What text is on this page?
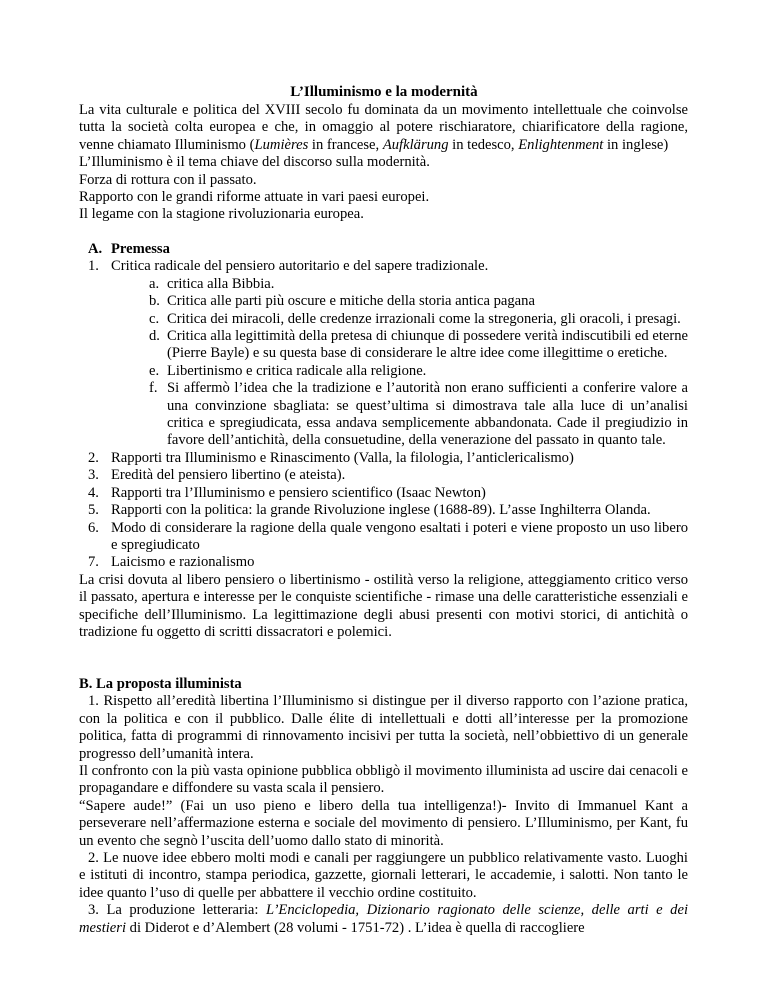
L’Illuminismo e la modernità
La vita culturale e politica del XVIII secolo fu dominata da un movimento intellettuale che coinvolse tutta la società colta europea e che, in omaggio al potere rischiaratore, chiarificatore della ragione, venne chiamato Illuminismo (Lumières in francese, Aufklärung in tedesco, Enlightenment in inglese)
L’Illuminismo è il tema chiave del discorso sulla modernità.
Forza di rottura con il passato.
Rapporto con le grandi riforme attuate in vari paesi europei.
Il legame con la stagione rivoluzionaria europea.
A. Premessa
1. Critica radicale del pensiero autoritario e del sapere tradizionale.
a. critica alla Bibbia.
b. Critica alle parti più oscure e mitiche della storia antica pagana
c. Critica dei miracoli, delle credenze irrazionali come la stregoneria, gli oracoli, i presagi.
d. Critica alla legittimità della pretesa di chiunque di possedere verità indiscutibili ed eterne (Pierre Bayle) e su questa base di considerare le altre idee come illegittime o eretiche.
e. Libertinismo e critica radicale alla religione.
f. Si affermò l’idea che la tradizione e l’autorità non erano sufficienti a conferire valore a una convinzione sbagliata: se quest’ultima si dimostrava tale alla luce di un’analisi critica e spregiudicata, essa andava semplicemente abbandonata. Cade il pregiudizio in favore dell’antichità, della consuetudine, della venerazione del passato in quanto tale.
2. Rapporti tra Illuminismo e Rinascimento (Valla, la filologia, l’anticlericalismo)
3. Eredità del pensiero libertino (e ateista).
4. Rapporti tra l’Illuminismo e pensiero scientifico (Isaac Newton)
5. Rapporti con la politica: la grande Rivoluzione inglese (1688-89). L’asse Inghilterra Olanda.
6. Modo di considerare la ragione della quale vengono esaltati i poteri e viene proposto un uso libero e spregiudicato
7. Laicismo e razionalismo
La crisi dovuta al libero pensiero o libertinismo - ostilità verso la religione, atteggiamento critico verso il passato, apertura e interesse per le conquiste scientifiche - rimase una delle caratteristiche essenziali e specifiche dell’Illuminismo. La legittimazione degli abusi presenti con motivi storici, di antichità o tradizione fu oggetto di scritti dissacratori e polemici.
B. La proposta illuminista
1. Rispetto all’eredità libertina l’Illuminismo si distingue per il diverso rapporto con l’azione pratica, con la politica e con il pubblico. Dalle élite di intellettuali e dotti all’interesse per la promozione politica, fatta di programmi di rinnovamento incisivi per tutta la società, nell’obbiettivo di un generale progresso dell’umanità intera.
Il confronto con la più vasta opinione pubblica obbligò il movimento illuminista ad uscire dai cenacoli e propagandare e diffondere su vasta scala il pensiero.
“Sapere aude!” (Fai un uso pieno e libero della tua intelligenza!)- Invito di Immanuel Kant a perseverare nell’affermazione esterna e sociale del movimento di pensiero. L’Illuminismo, per Kant, fu un evento che segnò l’uscita dell’uomo dallo stato di minorità.
2. Le nuove idee ebbero molti modi e canali per raggiungere un pubblico relativamente vasto. Luoghi e istituti di incontro, stampa periodica, gazzette, giornali letterari, le accademie, i salotti. Non tanto le idee quanto l’uso di quelle per abbattere il vecchio ordine costituito.
3. La produzione letteraria: L’Enciclopedia, Dizionario ragionato delle scienze, delle arti e dei mestieri di Diderot e d’Alembert (28 volumi - 1751-72) . L’idea è quella di raccogliere
